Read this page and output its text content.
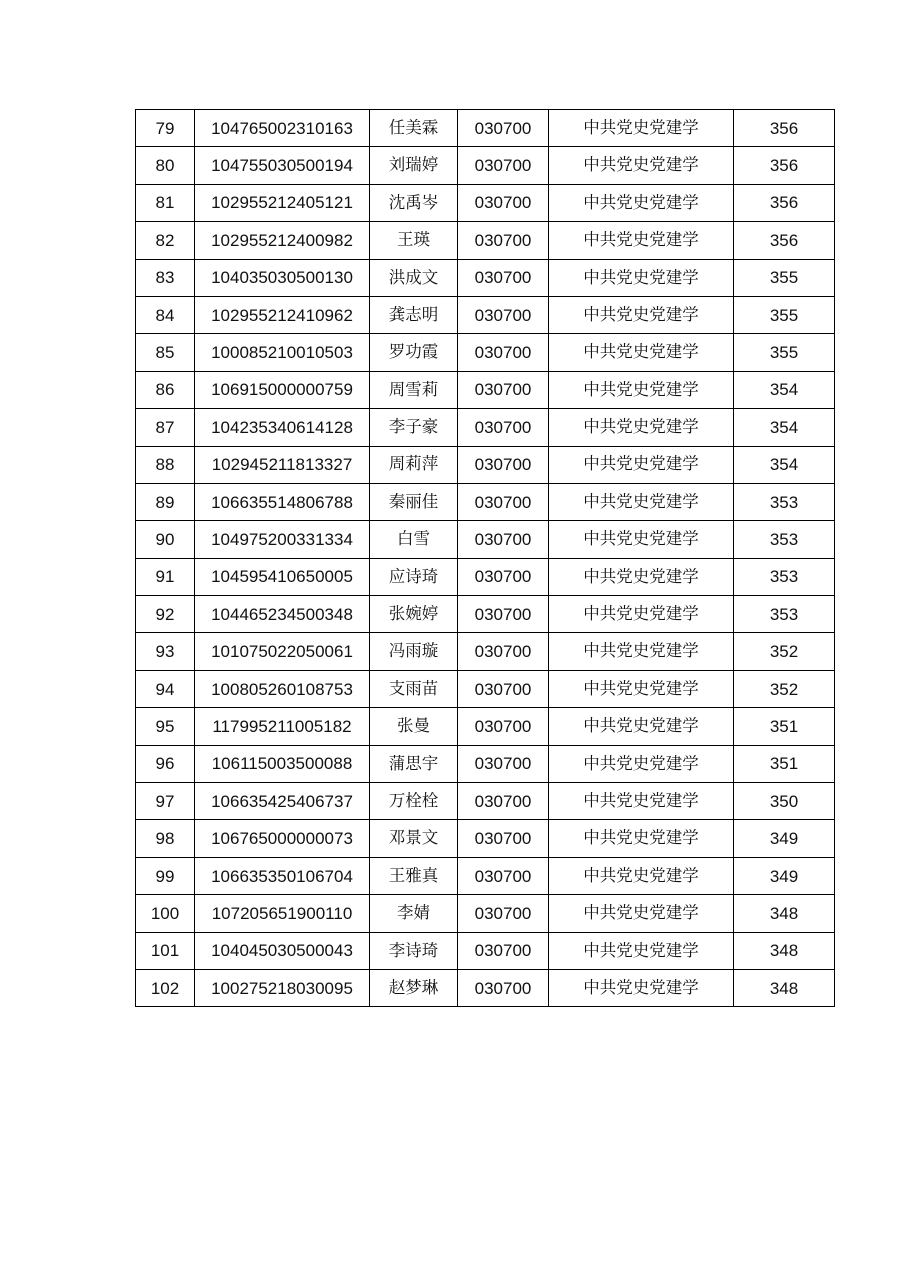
79	104765002310163	任美霖	030700	中共党史党建学	356
80	104755030500194	刘瑞婷	030700	中共党史党建学	356
81	102955212405121	沈禹岑	030700	中共党史党建学	356
82	102955212400982	王瑛	030700	中共党史党建学	356
83	104035030500130	洪成文	030700	中共党史党建学	355
84	102955212410962	龚志明	030700	中共党史党建学	355
85	100085210010503	罗功霞	030700	中共党史党建学	355
86	106915000000759	周雪莉	030700	中共党史党建学	354
87	104235340614128	李子豪	030700	中共党史党建学	354
88	102945211813327	周莉萍	030700	中共党史党建学	354
89	106635514806788	秦丽佳	030700	中共党史党建学	353
90	104975200331334	白雪	030700	中共党史党建学	353
91	104595410650005	应诗琦	030700	中共党史党建学	353
92	104465234500348	张婉婷	030700	中共党史党建学	353
93	101075022050061	冯雨璇	030700	中共党史党建学	352
94	100805260108753	支雨苗	030700	中共党史党建学	352
95	117995211005182	张曼	030700	中共党史党建学	351
96	106115003500088	蒲思宇	030700	中共党史党建学	351
97	106635425406737	万栓栓	030700	中共党史党建学	350
98	106765000000073	邓景文	030700	中共党史党建学	349
99	106635350106704	王雅真	030700	中共党史党建学	349
100	107205651900110	李婧	030700	中共党史党建学	348
101	104045030500043	李诗琦	030700	中共党史党建学	348
102	100275218030095	赵梦琳	030700	中共党史党建学	348
